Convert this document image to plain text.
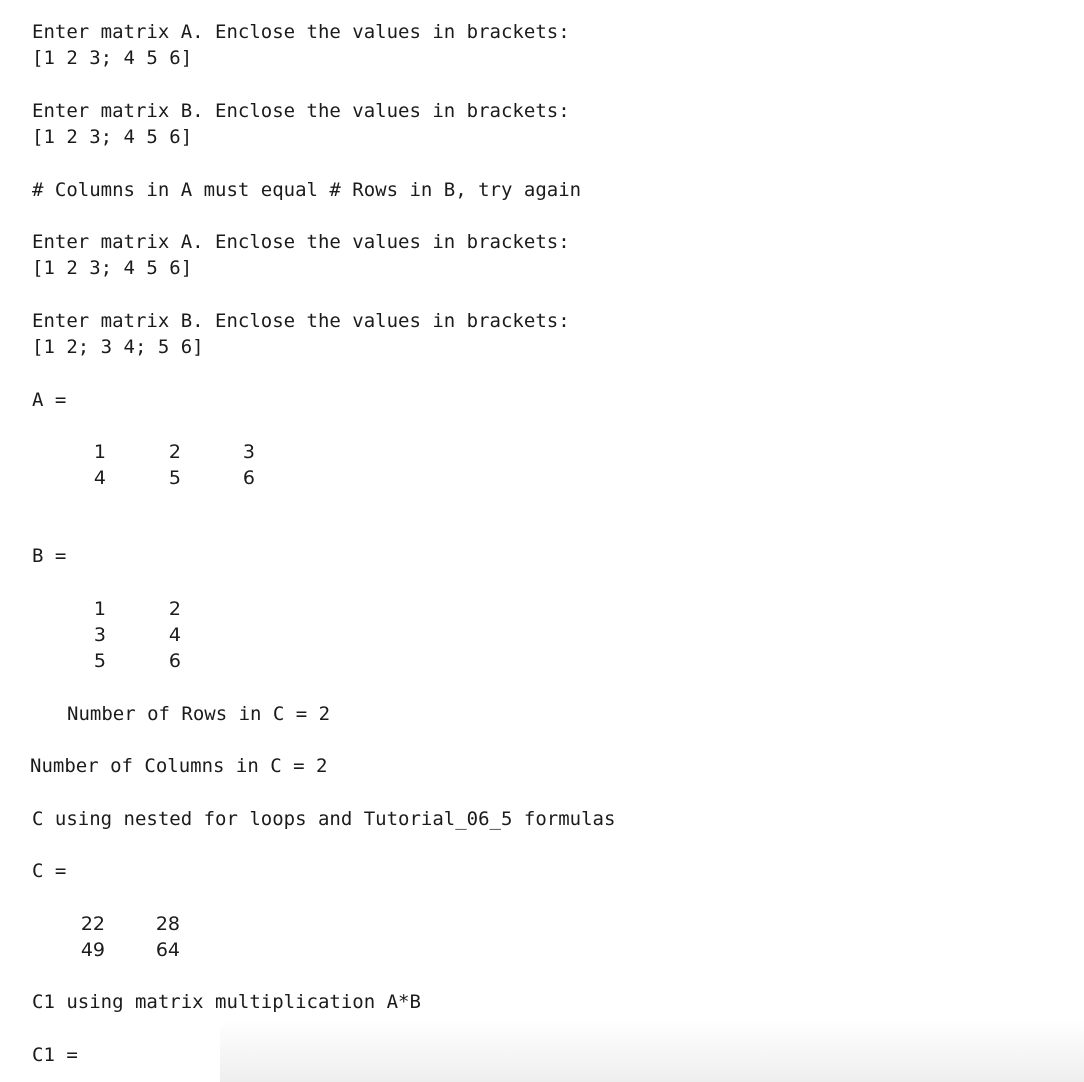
Enter matrix A. Enclose the values in brackets:
[1 2 3; 4 5 6]
Enter matrix B. Enclose the values in brackets:
[1 2 3; 4 5 6]
# Columns in A must equal # Rows in B, try again
Enter matrix A. Enclose the values in brackets:
[1 2 3; 4 5 6]
Enter matrix B. Enclose the values in brackets:
[1 2; 3 4; 5 6]
A =
1	2	3
4	5	6
B =
1	2
3	4
5	6
Number of Rows in C = 2
Number of Columns in C = 2
C using nested for loops and Tutorial_06_5 formulas
C =
22	28
49	64
C1 using matrix multiplication A*B
C1 =
